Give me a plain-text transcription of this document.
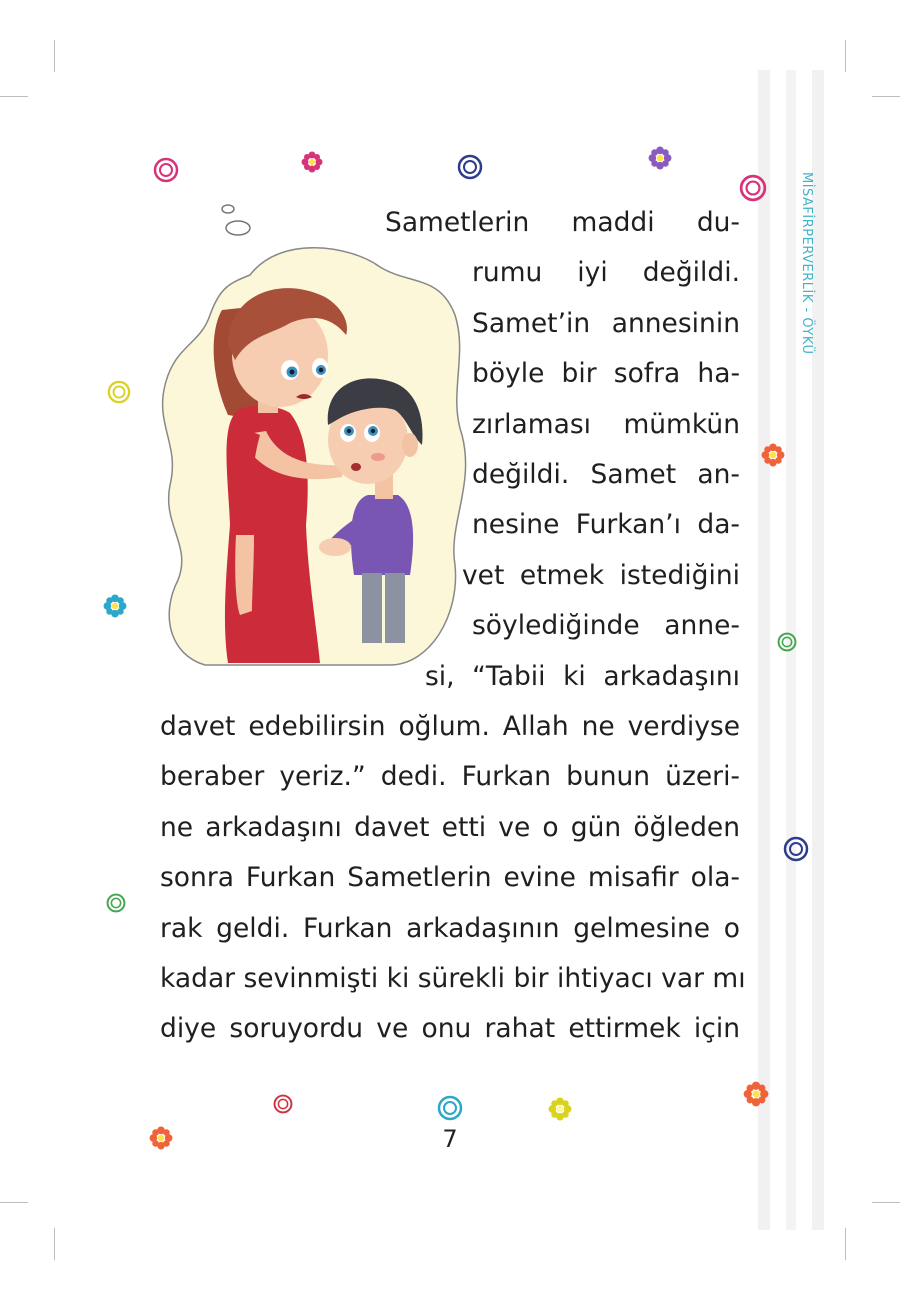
MİSAFİRPERVERLİK - ÖYKÜ
Sametlerin maddi du-
rumu iyi değildi.
Samet’in annesinin
böyle bir sofra ha-
zırlaması mümkün
değildi. Samet an-
nesine Furkan’ı da-
vet etmek istediğini
söylediğinde anne-
si, “Tabii ki arkadaşını
davet edebilirsin oğlum. Allah ne verdiyse
beraber yeriz.” dedi. Furkan bunun üzeri-
ne arkadaşını davet etti ve o gün öğleden
sonra Furkan Sametlerin evine misafir ola-
rak geldi. Furkan arkadaşının gelmesine o
kadar sevinmişti ki sürekli bir ihtiyacı var mı
diye soruyordu ve onu rahat ettirmek için
7
